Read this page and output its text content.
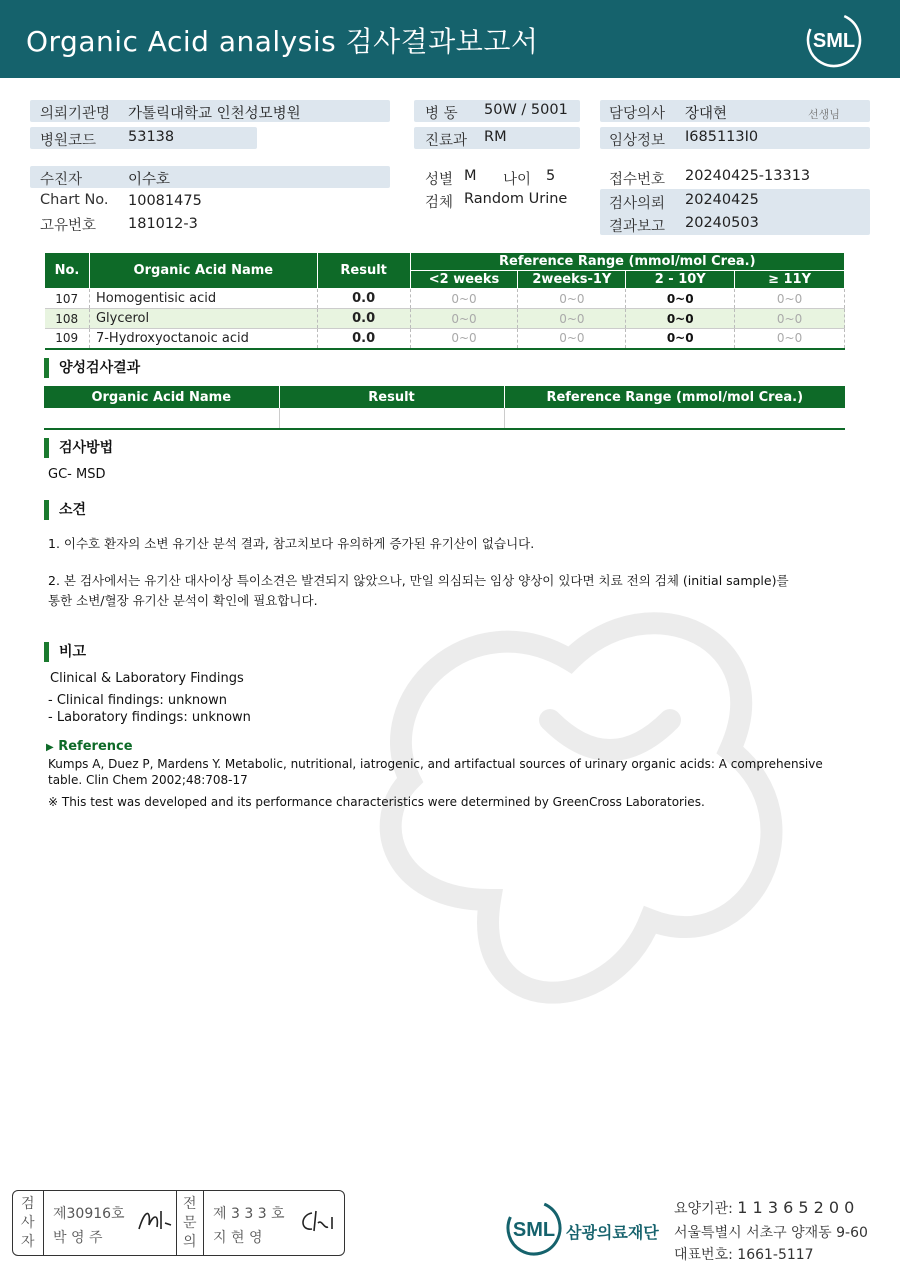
Organic Acid analysis 검사결과보고서	SML
의뢰기관명 가톨릭대학교 인천성모병원
병원코드 53138
병 동 50W / 5001
진료과 RM
담당의사 장대현	선생님
임상정보 I685113I0
수진자	이수호
Chart No. 10081475
고유번호 181012-3
성별 M 나이 5
검체 Random Urine
접수번호 20240425-13313
검사의뢰 20240425
결과보고 20240503
No.	Organic Acid Name	Result	Reference Range (mmol/mol Crea.)			
			<2 weeks	2weeks-1Y	2 - 10Y	≥ 11Y
107	Homogentisic acid	0.0	0~0	0~0	0~0	0~0
108	Glycerol	0.0	0~0	0~0	0~0	0~0
109	7-Hydroxyoctanoic acid	0.0	0~0	0~0	0~0	0~0
양성검사결과
Organic Acid Name	Result	Reference Range (mmol/mol Crea.)

검사방법
GC- MSD
소견
1. 이수호 환자의 소변 유기산 분석 결과, 참고치보다 유의하게 증가된 유기산이 없습니다.
2. 본 검사에서는 유기산 대사이상 특이소견은 발견되지 않았으나, 만일 의심되는 임상 양상이 있다면 치료 전의 검체 (initial sample)를
통한 소변/혈장 유기산 분석이 확인에 필요합니다.
비고
Clinical & Laboratory Findings
- Clinical findings: unknown
- Laboratory findings: unknown
▶ Reference
Kumps A, Duez P, Mardens Y. Metabolic, nutritional, iatrogenic, and artifactual sources of urinary organic acids: A comprehensive
table. Clin Chem 2002;48:708-17
※ This test was developed and its performance characteristics were determined by GreenCross Laboratories.
검
사
자
제30916호
박 영 주
전
문
의
제 3 3 3 호
지 현 영	SML 삼광의료재단
요양기관: 1 1 3 6 5 2 0 0
서울특별시 서초구 양재동 9-60
대표번호: 1661-5117
